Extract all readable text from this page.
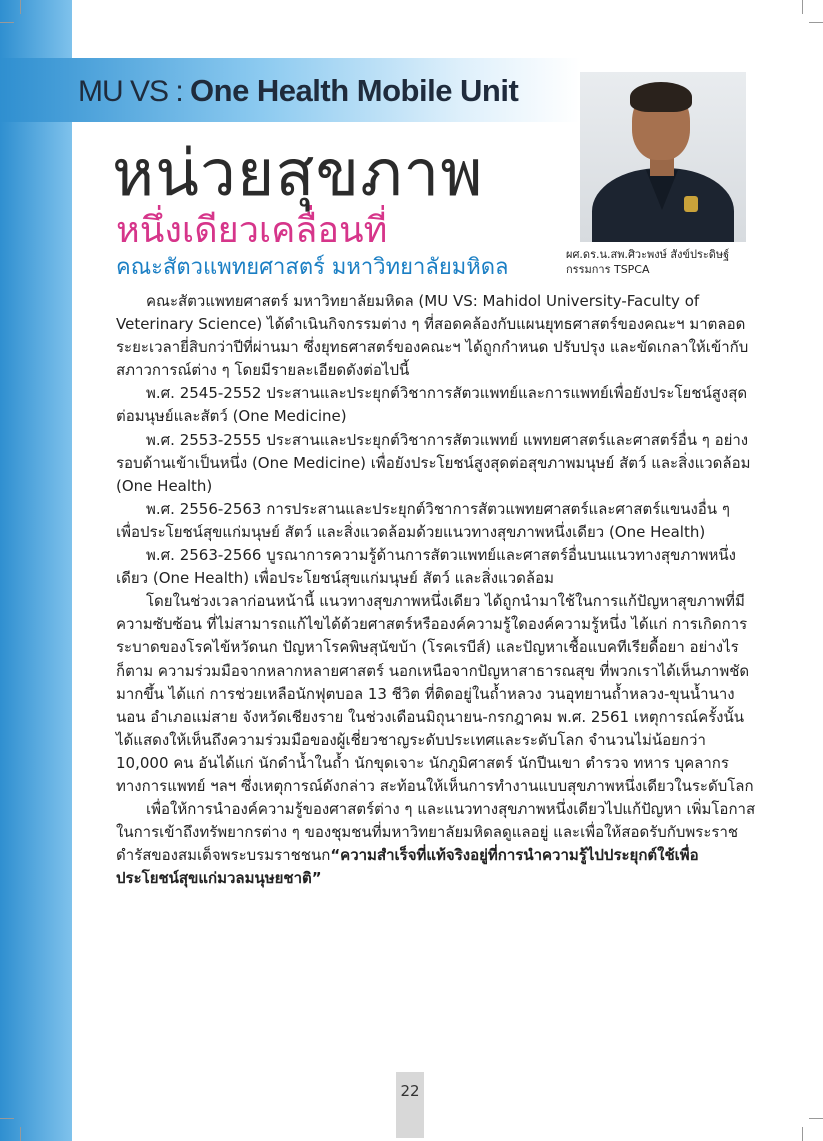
MU VS : One Health Mobile Unit
หน่วยสุขภาพ
หนึ่งเดียวเคลื่อนที่
คณะสัตวแพทยศาสตร์ มหาวิทยาลัยมหิดล
ผศ.ดร.น.สพ.ศิวะพงษ์ สังข์ประดิษฐ์
กรรมการ TSPCA

คณะสัตวแพทยศาสตร์ มหาวิทยาลัยมหิดล (MU VS: Mahidol University-Faculty of Veterinary Science) ได้ดำเนินกิจกรรมต่าง ๆ ที่สอดคล้องกับแผนยุทธศาสตร์ของคณะฯ มาตลอดระยะเวลายี่สิบกว่าปีที่ผ่านมา ซึ่งยุทธศาสตร์ของคณะฯ ได้ถูกกำหนด ปรับปรุง และขัดเกลาให้เข้ากับสภาวการณ์ต่าง ๆ โดยมีรายละเอียดดังต่อไปนี้

พ.ศ. 2545-2552 ประสานและประยุกต์วิชาการสัตวแพทย์และการแพทย์เพื่อยังประโยชน์สูงสุดต่อมนุษย์และสัตว์ (One Medicine)

พ.ศ. 2553-2555 ประสานและประยุกต์วิชาการสัตวแพทย์ แพทยศาสตร์และศาสตร์อื่น ๆ อย่างรอบด้านเข้าเป็นหนึ่ง (One Medicine) เพื่อยังประโยชน์สูงสุดต่อสุขภาพมนุษย์ สัตว์ และสิ่งแวดล้อม (One Health)

พ.ศ. 2556-2563 การประสานและประยุกต์วิชาการสัตวแพทยศาสตร์และศาสตร์แขนงอื่น ๆ เพื่อประโยชน์สุขแก่มนุษย์ สัตว์ และสิ่งแวดล้อมด้วยแนวทางสุขภาพหนึ่งเดียว (One Health)

พ.ศ. 2563-2566 บูรณาการความรู้ด้านการสัตวแพทย์และศาสตร์อื่นบนแนวทางสุขภาพหนึ่งเดียว (One Health) เพื่อประโยชน์สุขแก่มนุษย์ สัตว์ และสิ่งแวดล้อม

โดยในช่วงเวลาก่อนหน้านี้ แนวทางสุขภาพหนึ่งเดียว ได้ถูกนำมาใช้ในการแก้ปัญหาสุขภาพที่มีความซับซ้อน ที่ไม่สามารถแก้ไขได้ด้วยศาสตร์หรือองค์ความรู้ใดองค์ความรู้หนึ่ง ได้แก่ การเกิดการระบาดของโรคไข้หวัดนก ปัญหาโรคพิษสุนัขบ้า (โรคเรบีส์) และปัญหาเชื้อแบคทีเรียดื้อยา อย่างไรก็ตาม ความร่วมมือจากหลากหลายศาสตร์ นอกเหนือจากปัญหาสาธารณสุข ที่พวกเราได้เห็นภาพชัดมากขึ้น ได้แก่ การช่วยเหลือนักฟุตบอล 13 ชีวิต ที่ติดอยู่ในถ้ำหลวง วนอุทยานถ้ำหลวง-ขุนน้ำนางนอน อำเภอแม่สาย จังหวัดเชียงราย ในช่วงเดือนมิถุนายน-กรกฎาคม พ.ศ. 2561 เหตุการณ์ครั้งนั้น ได้แสดงให้เห็นถึงความร่วมมือของผู้เชี่ยวชาญระดับประเทศและระดับโลก จำนวนไม่น้อยกว่า 10,000 คน อันได้แก่ นักดำน้ำในถ้ำ นักขุดเจาะ นักภูมิศาสตร์ นักปีนเขา ตำรวจ ทหาร บุคลากรทางการแพทย์ ฯลฯ ซึ่งเหตุการณ์ดังกล่าว สะท้อนให้เห็นการทำงานแบบสุขภาพหนึ่งเดียวในระดับโลก

เพื่อให้การนำองค์ความรู้ของศาสตร์ต่าง ๆ และแนวทางสุขภาพหนึ่งเดียวไปแก้ปัญหา เพิ่มโอกาสในการเข้าถึงทรัพยากรต่าง ๆ ของชุมชนที่มหาวิทยาลัยมหิดลดูแลอยู่ และเพื่อให้สอดรับกับพระราชดำรัสของสมเด็จพระบรมราชชนก“ความสำเร็จที่แท้จริงอยู่ที่การนำความรู้ไปประยุกต์ใช้เพื่อประโยชน์สุขแก่มวลมนุษยชาติ”

22
